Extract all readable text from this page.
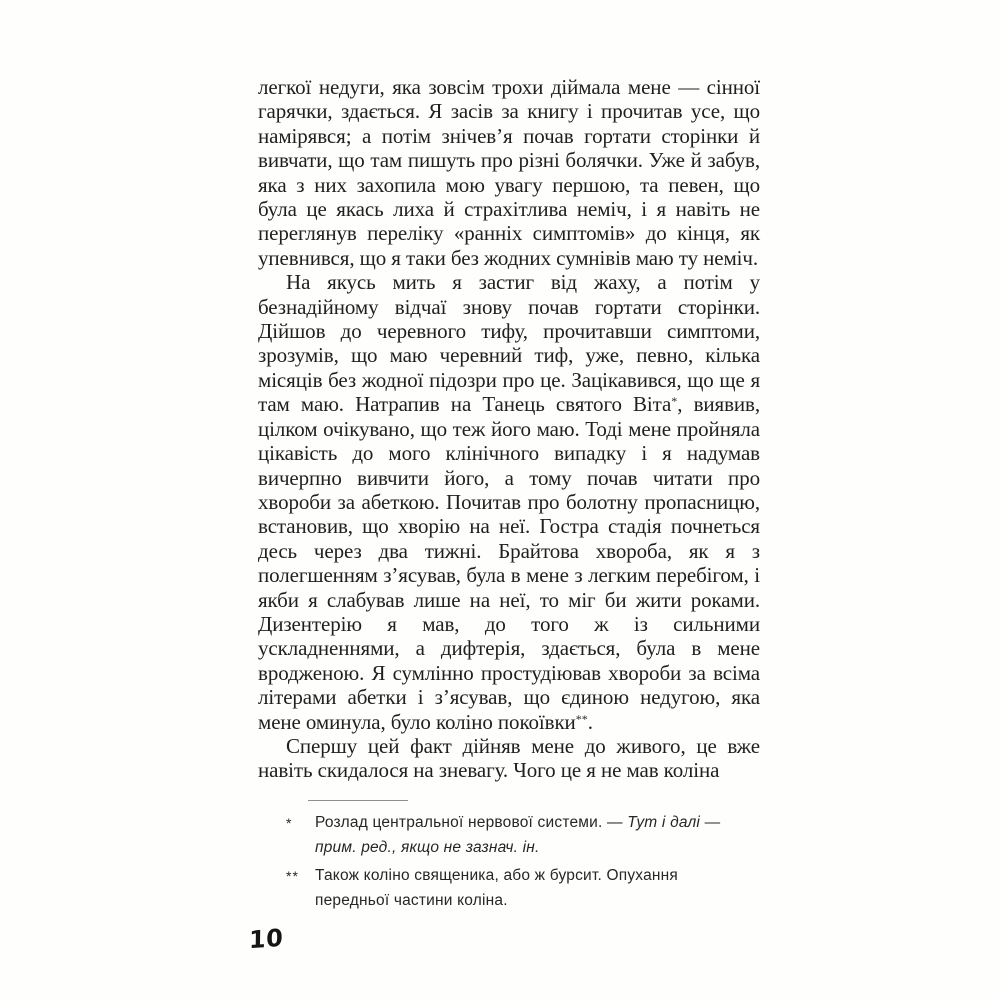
легкої недуги, яка зовсім трохи діймала мене — сінної гарячки, здається. Я засів за книгу і прочитав усе, що намірявся; а потім знічев’я почав гортати сторінки й вивчати, що там пишуть про різні болячки. Уже й забув, яка з них захопила мою увагу першою, та певен, що була це якась лиха й страхітлива неміч, і я навіть не переглянув переліку «ранніх симптомів» до кінця, як упевнився, що я таки без жодних сумнівів маю ту неміч.

На якусь мить я застиг від жаху, а потім у безнадійному відчаї знову почав гортати сторінки. Дійшов до черевного тифу, прочитавши симптоми, зрозумів, що маю черевний тиф, уже, певно, кілька місяців без жодної підозри про це. Зацікавився, що ще я там маю. Натрапив на Танець святого Віта*, виявив, цілком очікувано, що теж його маю. Тоді мене пройняла цікавість до мого клінічного випадку і я надумав вичерпно вивчити його, а тому почав читати про хвороби за абеткою. Почитав про болотну пропасницю, встановив, що хворію на неї. Гостра стадія почнеться десь через два тижні. Брайтова хвороба, як я з полегшенням з’ясував, була в мене з легким перебігом, і якби я слабував лише на неї, то міг би жити роками. Дизентерію я мав, до того ж із сильними ускладненнями, а дифтерія, здається, була в мене вродженою. Я сумлінно простудіював хвороби за всіма літерами абетки і з’ясував, що єдиною недугою, яка мене оминула, було коліно покоївки**.

Спершу цей факт дійняв мене до живого, це вже навіть скидалося на зневагу. Чого це я не мав коліна

*	Розлад центральної нервової системи. — Тут і далі — прим. ред., якщо не зазнач. ін.
**	Також коліно священика, або ж бурсит. Опухання передньої частини коліна.
10
